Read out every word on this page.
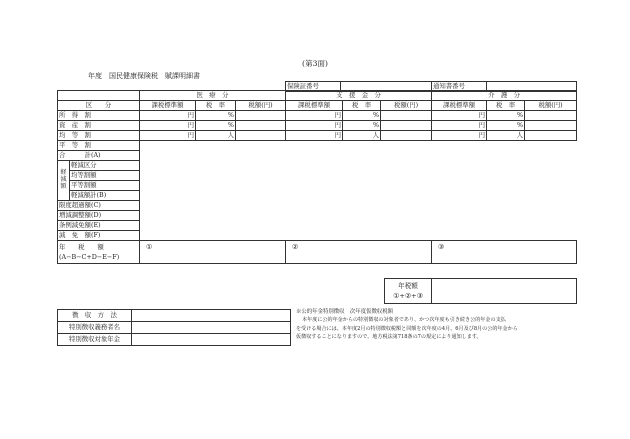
(第3面)
年度　国民健康保険税　賦課明細書
保険証番号		通知書番号	
		医　療　分			支　援　金　分			介　護　分		
区　　分		課税標準額	税　率	税額(円)	課税標準額	税　率	税額(円)	課税標準額	税　率	税額(円)
所　得　割		円	%		円	%		円	%	
資　産　割		円	%		円	%		円	%	
均　等　割		円	人		円	人		円	人	
平　等　割										
合　　　計(A)										
軽減額	軽減区分									
	均等割額									
	平等割額									
	軽減額計(B)									
限度超過額(C)										
増減調整額(D)										
条例減免額(E)										
減　免　額(F)										

年　　税　　額
(A−B−C+D−E−F)		①			②			③		
年税額
①+②+③
徴　収　方　法	
特別徴収義務者名	
特別徴収対象年金	
※公的年金特別徴収　次年度仮徴収税額
本年度に公的年金からの特別徴収の対象者であり、かつ次年度も引き続き公的年金の支払
を受ける場合には、本年度2月の特別徴収税額と同額を次年度の4月、6月及び8月の公的年金から
仮徴収することになりますので、地方税法第718条の7の規定により通知します。
